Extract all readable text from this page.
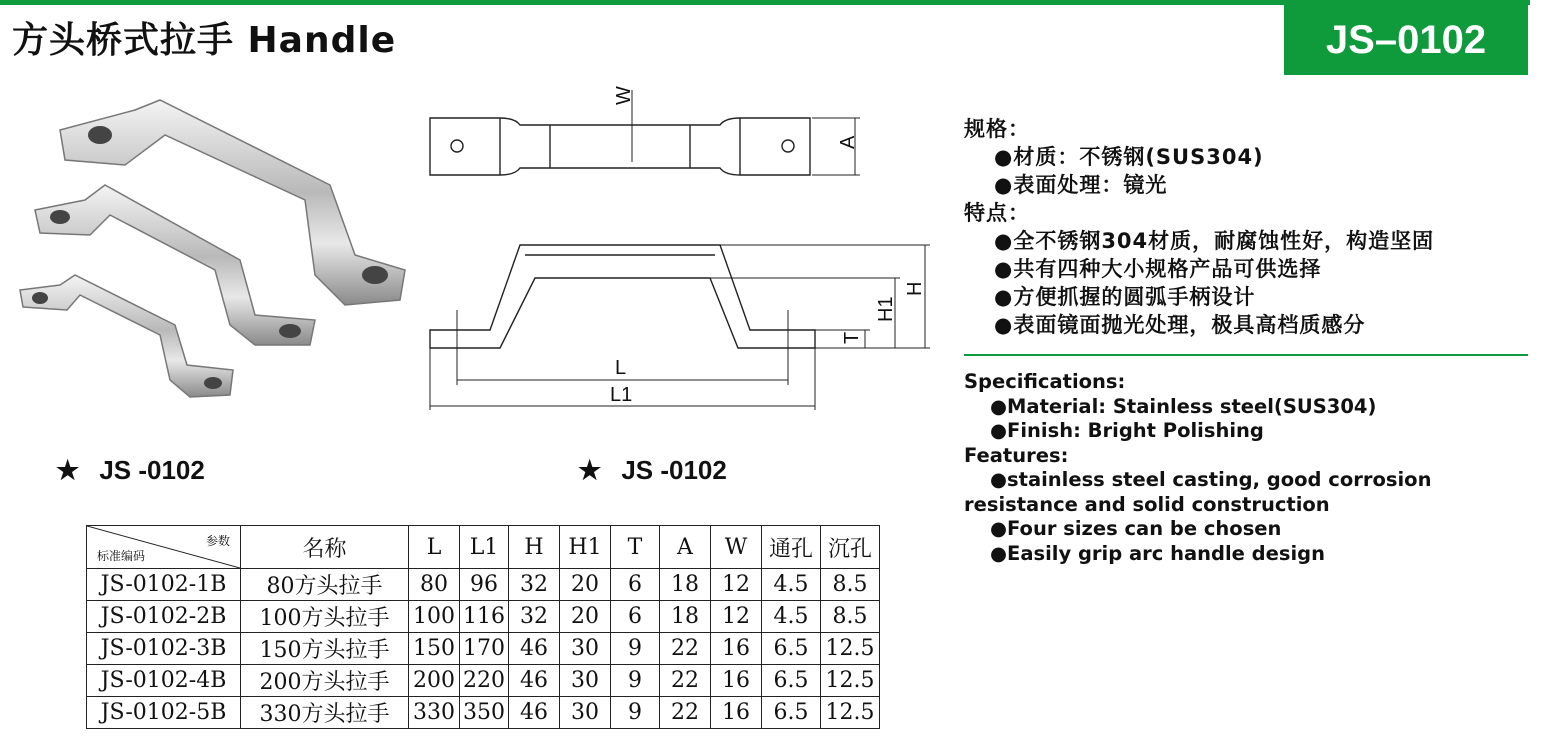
方头桥式拉手 Handle	JS–0102
W
A
H
H1
T
L
L1
★ JS -0102	★ JS -0102
参数
标准编码	名称	L	L1	H	H1	T	A	W	通孔	沉孔
JS-0102-1B	80方头拉手	80	96	32	20	6	18	12	4.5	8.5
JS-0102-2B	100方头拉手	100	116	32	20	6	18	12	4.5	8.5
JS-0102-3B	150方头拉手	150	170	46	30	9	22	16	6.5	12.5
JS-0102-4B	200方头拉手	200	220	46	30	9	22	16	6.5	12.5
JS-0102-5B	330方头拉手	330	350	46	30	9	22	16	6.5	12.5
规格：
●材质：不锈钢(SUS304)
●表面处理：镜光
特点：
●全不锈钢304材质，耐腐蚀性好，构造坚固
●共有四种大小规格产品可供选择
●方便抓握的圆弧手柄设计
●表面镜面抛光处理，极具高档质感分
Specifications:
●Material: Stainless steel(SUS304)
●Finish: Bright Polishing
Features:
●stainless steel casting, good corrosion
resistance and solid construction
●Four sizes can be chosen
●Easily grip arc handle design
